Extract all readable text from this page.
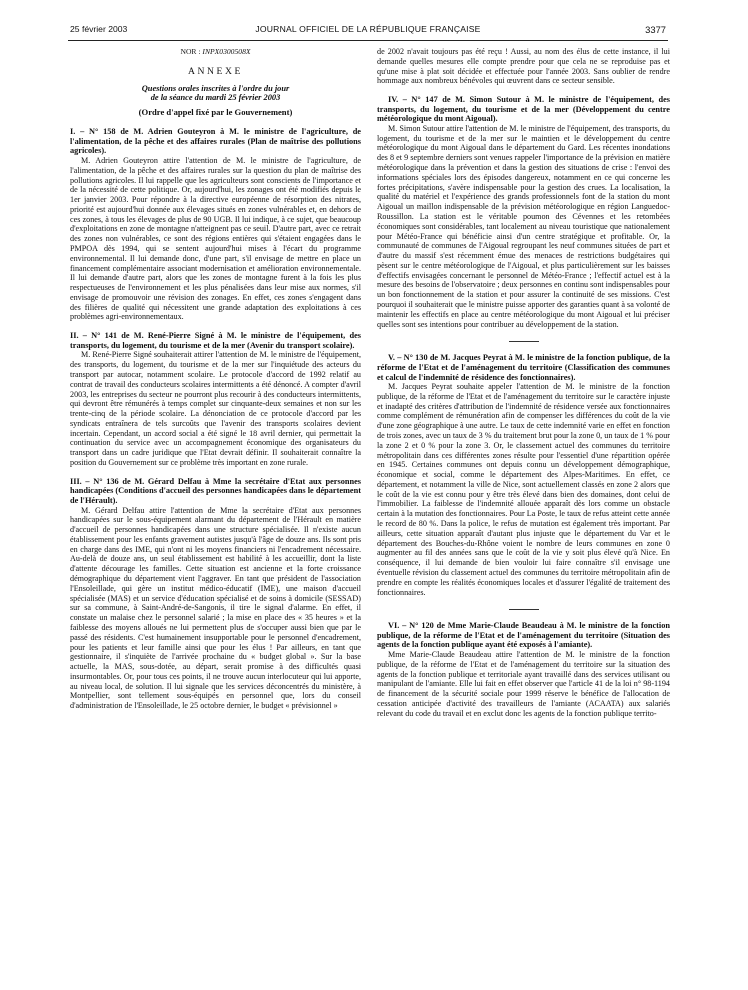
25 février 2003	JOURNAL OFFICIEL DE LA RÉPUBLIQUE FRANÇAISE	3377

NOR : INPX0300508X

ANNEXE

Questions orales inscrites à l'ordre du jour

de la séance du mardi 25 février 2003

(Ordre d'appel fixé par le Gouvernement)

I. – N° 158 de M. Adrien Gouteyron à M. le ministre de l'agriculture, de l'alimentation, de la pêche et des affaires rurales (Plan de maîtrise des pollutions agricoles).

M. Adrien Gouteyron attire l'attention de M. le ministre de l'agriculture, de l'alimentation, de la pêche et des affaires rurales sur la question du plan de maîtrise des pollutions agricoles. Il lui rappelle que les agriculteurs sont conscients de l'importance et de la nécessité de cette politique. Or, aujourd'hui, les zonages ont été modifiés depuis le 1er janvier 2003. Pour répondre à la directive européenne de résorption des nitrates, priorité est aujourd'hui donnée aux élevages situés en zones vulnérables et, en dehors de ces zones, à tous les élevages de plus de 90 UGB. Il lui indique, à ce sujet, que beaucoup d'exploitations en zone de montagne n'atteignent pas ce seuil. D'autre part, avec ce retrait des zones non vulnérables, ce sont des régions entières qui s'étaient engagées dans le PMPOA dès 1994, qui se sentent aujourd'hui mises à l'écart du programme environnemental. Il lui demande donc, d'une part, s'il envisage de mettre en place un financement complémentaire associant modernisation et amélioration environnementale. Il lui demande d'autre part, alors que les zones de montagne furent à la fois les plus respectueuses de l'environnement et les plus pénalisées dans leur mise aux normes, s'il envisage de promouvoir une révision des zonages. En effet, ces zones s'engagent dans des filières de qualité qui nécessitent une grande adaptation des exploitations à ces problèmes agri-environnementaux.

II. – N° 141 de M. René-Pierre Signé à M. le ministre de l'équipement, des transports, du logement, du tourisme et de la mer (Avenir du transport scolaire).

M. René-Pierre Signé souhaiterait attirer l'attention de M. le ministre de l'équipement, des transports, du logement, du tourisme et de la mer sur l'inquiétude des acteurs du transport par autocar, notamment scolaire. Le protocole d'accord de 1992 relatif au contrat de travail des conducteurs scolaires intermittents a été dénoncé. A compter d'avril 2003, les entreprises du secteur ne pourront plus recourir à des conducteurs intermittents, qui devront être rémunérés à temps complet sur cinquante-deux semaines et non sur les trente-cinq de la période scolaire. La dénonciation de ce protocole d'accord par les syndicats entraînera de tels surcoûts que l'avenir des transports scolaires devient incertain. Cependant, un accord social a été signé le 18 avril dernier, qui permettait la continuation du service avec un accompagnement économique des organisateurs du transport dans un cadre juridique que l'Etat devrait définir. Il souhaiterait connaître la position du Gouvernement sur ce problème très important en zone rurale.

III. – N° 136 de M. Gérard Delfau à Mme la secrétaire d'Etat aux personnes handicapées (Conditions d'accueil des personnes handicapées dans le département de l'Hérault).

M. Gérard Delfau attire l'attention de Mme la secrétaire d'Etat aux personnes handicapées sur le sous-équipement alarmant du département de l'Hérault en matière d'accueil de personnes handicapées dans une structure spécialisée. Il n'existe aucun établissement pour les enfants gravement autistes jusqu'à l'âge de douze ans. Ils sont pris en charge dans des IME, qui n'ont ni les moyens financiers ni l'encadrement nécessaire. Au-delà de douze ans, un seul établissement est habilité à les accueillir, dont la liste d'attente décourage les familles. Cette situation est ancienne et la forte croissance démographique du département vient l'aggraver. En tant que président de l'association l'Ensoleillade, qui gère un institut médico-éducatif (IME), une maison d'accueil spécialisée (MAS) et un service d'éducation spécialisé et de soins à domicile (SESSAD) sur sa commune, à Saint-André-de-Sangonis, il tire le signal d'alarme. En effet, il constate un malaise chez le personnel salarié ; la mise en place des « 35 heures » et la faiblesse des moyens alloués ne lui permettent plus de s'occuper aussi bien que par le passé des résidents. C'est humainement insupportable pour le personnel d'encadrement, pour les patients et leur famille ainsi que pour les élus ! Par ailleurs, en tant que gestionnaire, il s'inquiète de l'arrivée prochaine du « budget global ». Sur la base actuelle, la MAS, sous-dotée, au départ, serait promise à des difficultés quasi insurmontables. Or, pour tous ces points, il ne trouve aucun interlocuteur qui lui apporte, au niveau local, de solution. Il lui signale que les services déconcentrés du ministère, à Montpellier, sont tellement sous-équipés en personnel que, lors du conseil d'administration de l'Ensoleillade, le 25 octobre dernier, le budget « prévisionnel »

de 2002 n'avait toujours pas été reçu ! Aussi, au nom des élus de cette instance, il lui demande quelles mesures elle compte prendre pour que cela ne se reproduise pas et qu'une mise à plat soit décidée et effectuée pour l'année 2003. Sans oublier de rendre hommage aux nombreux bénévoles qui œuvrent dans ce secteur sensible.

IV. – N° 147 de M. Simon Sutour à M. le ministre de l'équipement, des transports, du logement, du tourisme et de la mer (Développement du centre météorologique du mont Aigoual).

M. Simon Sutour attire l'attention de M. le ministre de l'équipement, des transports, du logement, du tourisme et de la mer sur le maintien et le développement du centre météorologique du mont Aigoual dans le département du Gard. Les récentes inondations des 8 et 9 septembre derniers sont venues rappeler l'importance de la prévision en matière météorologique dans la prévention et dans la gestion des situations de crise : l'envoi des informations spéciales lors des épisodes dangereux, notamment en ce qui concerne les fortes précipitations, s'avère indispensable pour la gestion des crues. La localisation, la qualité du matériel et l'expérience des grands professionnels font de la station du mont Aigoual un maillon indispensable de la prévision météorologique en région Languedoc-Roussillon. La station est le véritable poumon des Cévennes et les retombées économiques sont considérables, tant localement au niveau touristique que nationalement pour Météo-France qui bénéficie ainsi d'un centre stratégique et profitable. Or, la communauté de communes de l'Aigoual regroupant les neuf communes situées de part et d'autre du massif s'est récemment émue des menaces de restrictions budgétaires qui pèsent sur le centre météorologique de l'Aigoual, et plus particulièrement sur les baisses d'effectifs envisagées concernant le personnel de Météo-France ; l'effectif actuel est à la mesure des besoins de l'observatoire ; deux personnes en continu sont indispensables pour un bon fonctionnement de la station et pour assurer la continuité de ses missions. C'est pourquoi il souhaiterait que le ministre puisse apporter des garanties quant à sa volonté de maintenir les effectifs en place au centre météorologique du mont Aigoual et lui préciser quelles sont ses intentions pour contribuer au développement de la station.

V. – N° 130 de M. Jacques Peyrat à M. le ministre de la fonction publique, de la réforme de l'Etat et de l'aménagement du territoire (Classification des communes et calcul de l'indemnité de résidence des fonctionnaires).

M. Jacques Peyrat souhaite appeler l'attention de M. le ministre de la fonction publique, de la réforme de l'Etat et de l'aménagement du territoire sur le caractère injuste et inadapté des critères d'attribution de l'indemnité de résidence versée aux fonctionnaires comme complément de rémunération afin de compenser les différences du coût de la vie d'une zone géographique à une autre. Le taux de cette indemnité varie en effet en fonction de trois zones, avec un taux de 3 % du traitement brut pour la zone 0, un taux de 1 % pour la zone 2 et 0 % pour la zone 3. Or, le classement actuel des communes du territoire métropolitain dans ces différentes zones résulte pour l'essentiel d'une répartition opérée en 1945. Certaines communes ont depuis connu un développement démographique, économique et social, comme le département des Alpes-Maritimes. En effet, ce département, et notamment la ville de Nice, sont actuellement classés en zone 2 alors que le coût de la vie est connu pour y être très élevé dans bien des domaines, dont celui de l'immobilier. La faiblesse de l'indemnité allouée apparaît dès lors comme un obstacle certain à la mutation des fonctionnaires. Pour La Poste, le taux de refus atteint cette année le record de 80 %. Dans la police, le refus de mutation est également très important. Par ailleurs, cette situation apparaît d'autant plus injuste que le département du Var et le département des Bouches-du-Rhône voient le nombre de leurs communes en zone 0 augmenter au fil des années sans que le coût de la vie y soit plus élevé qu'à Nice. En conséquence, il lui demande de bien vouloir lui faire connaître s'il envisage une éventuelle révision du classement actuel des communes du territoire métropolitain afin de prendre en compte les réalités économiques locales et d'assurer l'égalité de traitement des fonctionnaires.

VI. – N° 120 de Mme Marie-Claude Beaudeau à M. le ministre de la fonction publique, de la réforme de l'Etat et de l'aménagement du territoire (Situation des agents de la fonction publique ayant été exposés à l'amiante).

Mme Marie-Claude Beaudeau attire l'attention de M. le ministre de la fonction publique, de la réforme de l'Etat et de l'aménagement du territoire sur la situation des agents de la fonction publique et territoriale ayant travaillé dans des services utilisant ou manipulant de l'amiante. Elle lui fait en effet observer que l'article 41 de la loi n° 98-1194 de financement de la sécurité sociale pour 1999 réserve le bénéfice de l'allocation de cessation anticipée d'activité des travailleurs de l'amiante (ACAATA) aux salariés relevant du code du travail et en exclut donc les agents de la fonction publique territo-
